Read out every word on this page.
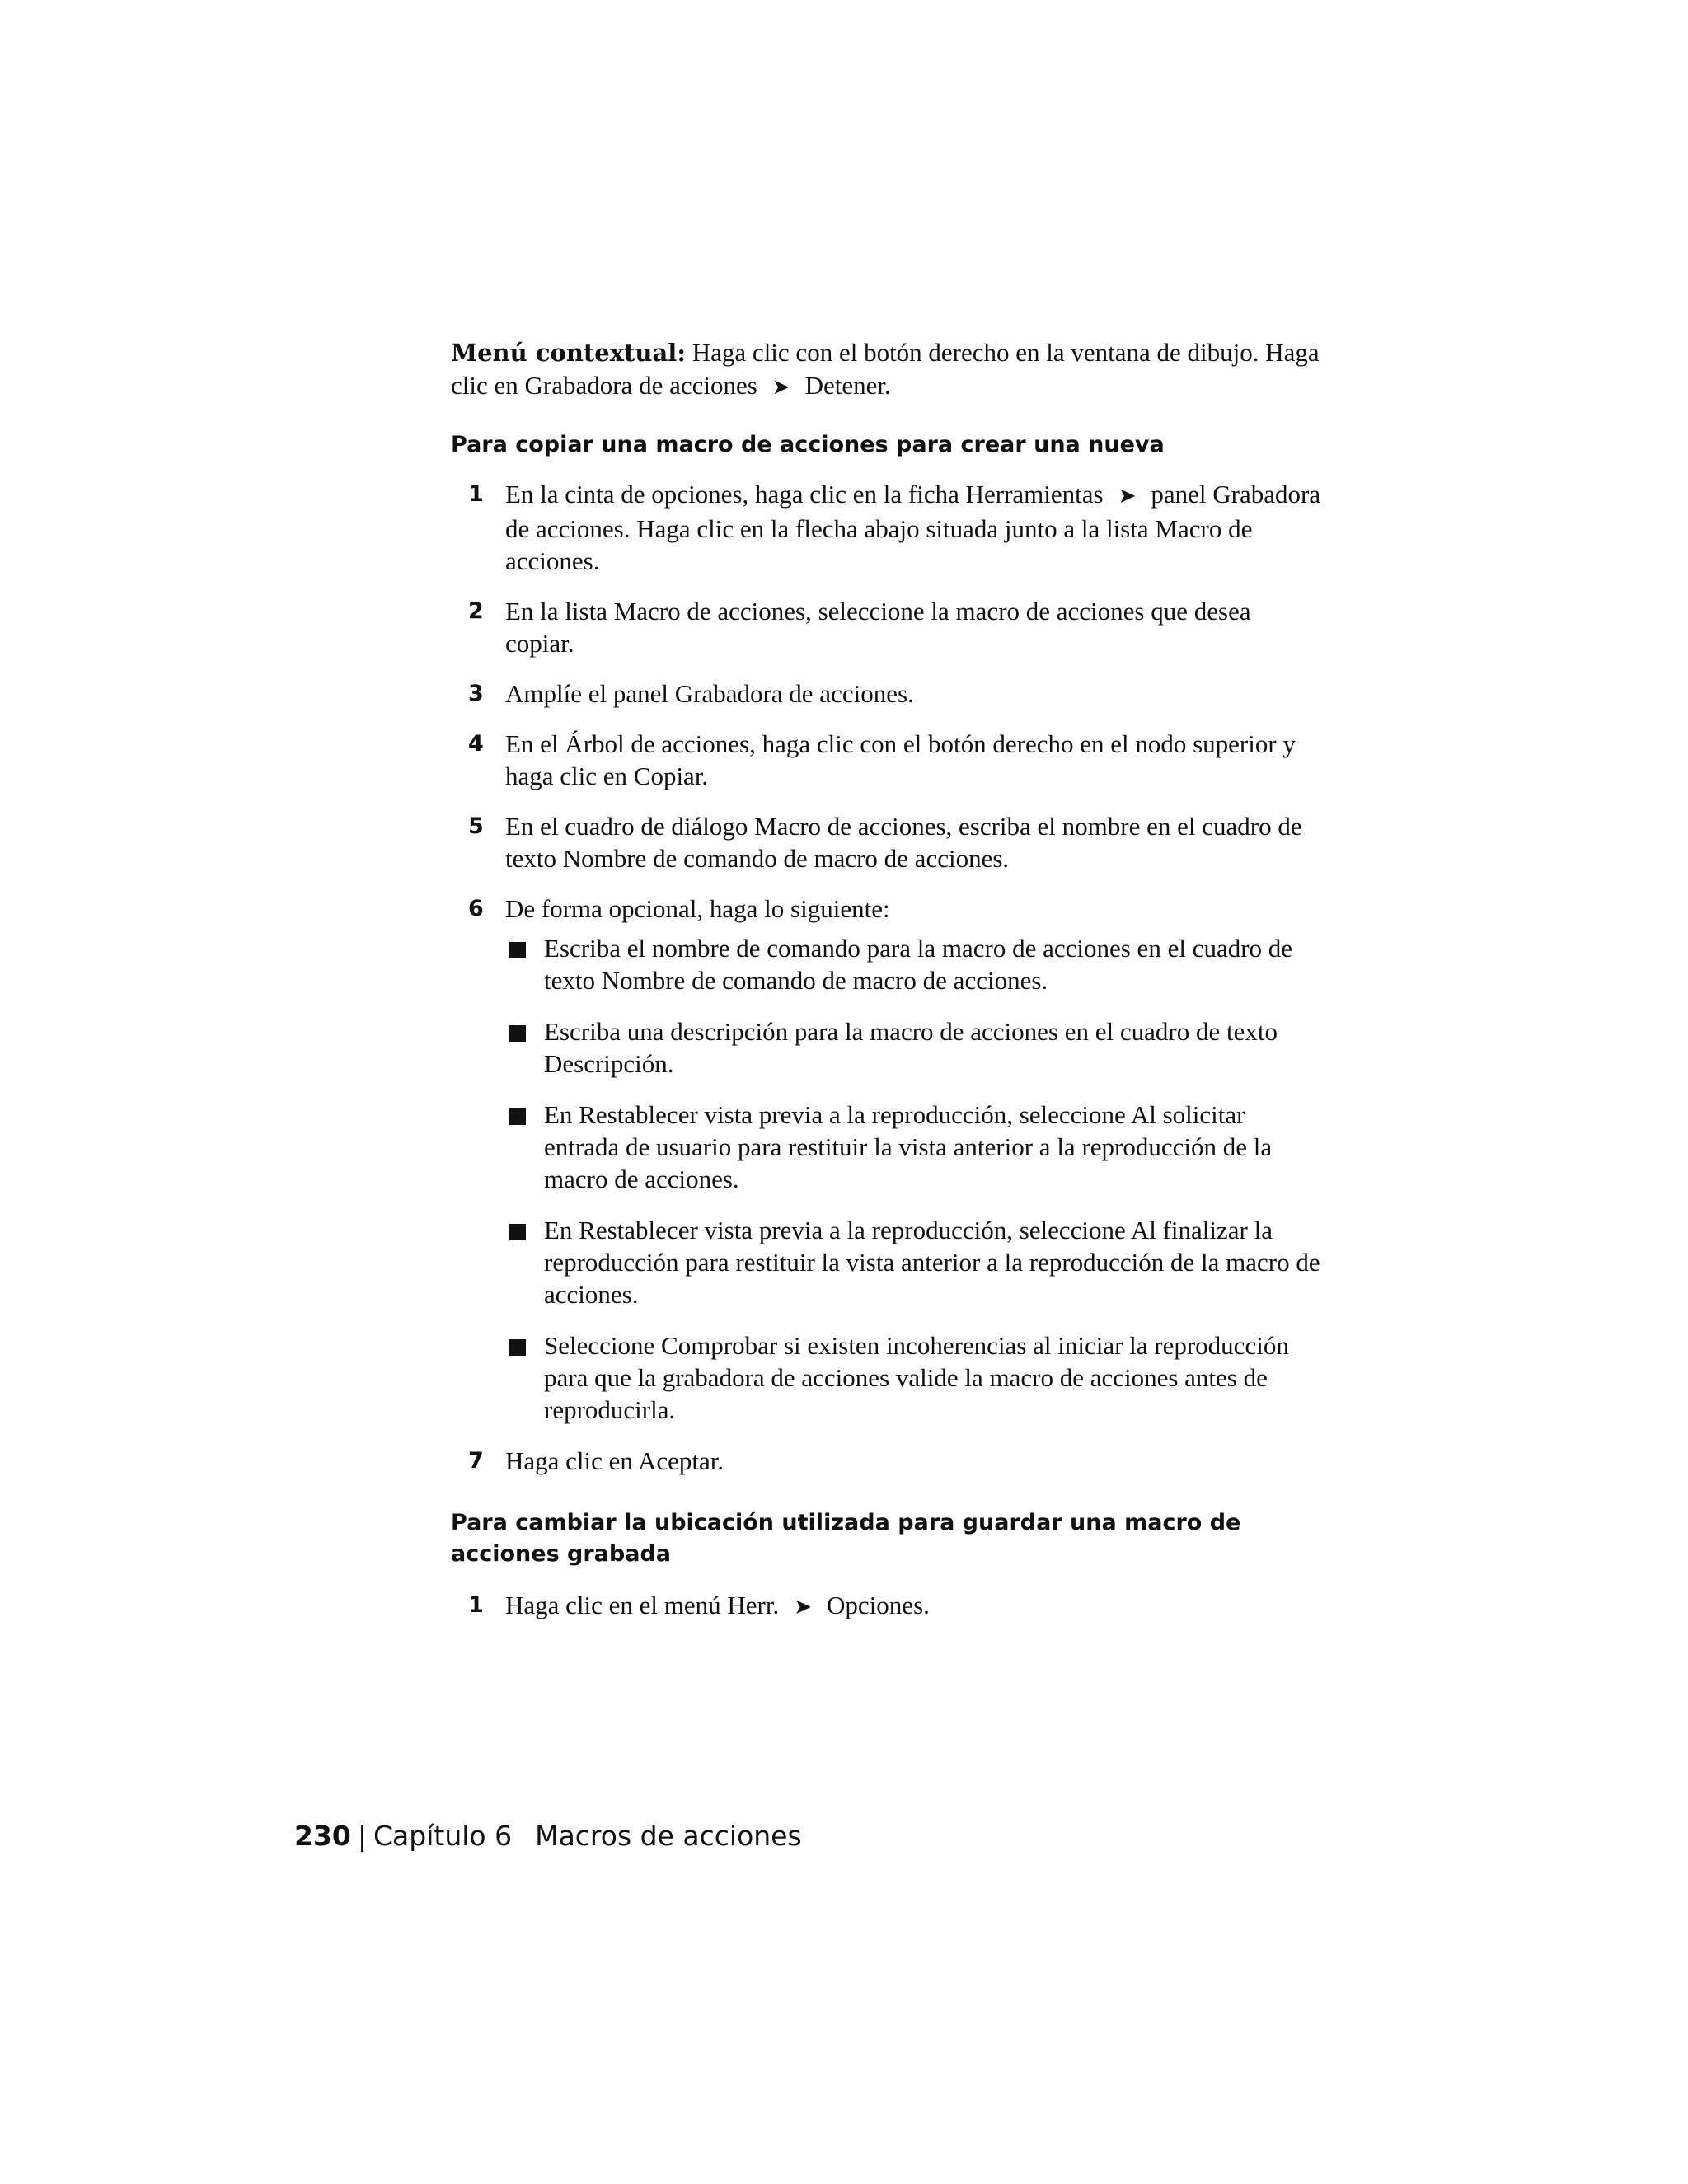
Menú contextual: Haga clic con el botón derecho en la ventana de dibujo. Haga clic en Grabadora de acciones ➤ Detener.

Para copiar una macro de acciones para crear una nueva
1 En la cinta de opciones, haga clic en la ficha Herramientas ➤ panel Grabadora de acciones. Haga clic en la flecha abajo situada junto a la lista Macro de acciones.
2 En la lista Macro de acciones, seleccione la macro de acciones que desea copiar.
3 Amplíe el panel Grabadora de acciones.
4 En el Árbol de acciones, haga clic con el botón derecho en el nodo superior y haga clic en Copiar.
5 En el cuadro de diálogo Macro de acciones, escriba el nombre en el cuadro de texto Nombre de comando de macro de acciones.
6 De forma opcional, haga lo siguiente:
Escriba el nombre de comando para la macro de acciones en el cuadro de texto Nombre de comando de macro de acciones.
Escriba una descripción para la macro de acciones en el cuadro de texto Descripción.
En Restablecer vista previa a la reproducción, seleccione Al solicitar entrada de usuario para restituir la vista anterior a la reproducción de la macro de acciones.
En Restablecer vista previa a la reproducción, seleccione Al finalizar la reproducción para restituir la vista anterior a la reproducción de la macro de acciones.
Seleccione Comprobar si existen incoherencias al iniciar la reproducción para que la grabadora de acciones valide la macro de acciones antes de reproducirla.
7 Haga clic en Aceptar.
Para cambiar la ubicación utilizada para guardar una macro de acciones grabada
1 Haga clic en el menú Herr. ➤ Opciones.
230 | Capítulo 6 Macros de acciones
